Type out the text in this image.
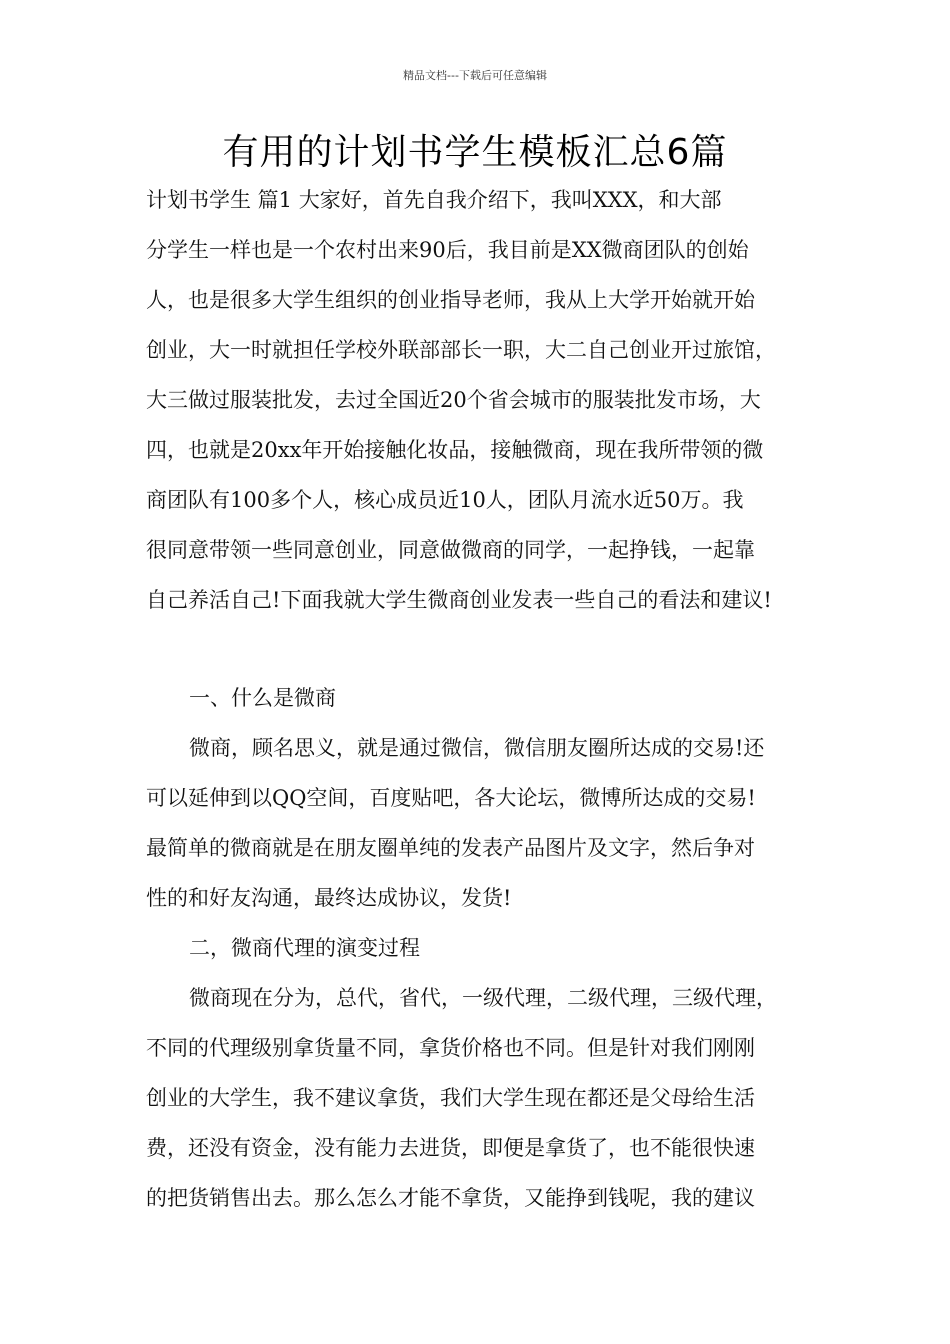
精品文档---下载后可任意编辑
有用的计划书学生模板汇总6篇
计划书学生 篇1 大家好，首先自我介绍下，我叫XXX，和大部
分学生一样也是一个农村出来90后，我目前是XX微商团队的创始
人，也是很多大学生组织的创业指导老师，我从上大学开始就开始
创业，大一时就担任学校外联部部长一职，大二自己创业开过旅馆，
大三做过服装批发，去过全国近20个省会城市的服装批发市场，大
四，也就是20xx年开始接触化妆品，接触微商，现在我所带领的微
商团队有100多个人，核心成员近10人，团队月流水近50万。我
很同意带领一些同意创业，同意做微商的同学，一起挣钱，一起靠
自己养活自己!下面我就大学生微商创业发表一些自己的看法和建议!
一、什么是微商
微商，顾名思义，就是通过微信，微信朋友圈所达成的交易!还
可以延伸到以QQ空间，百度贴吧，各大论坛，微博所达成的交易!
最简单的微商就是在朋友圈单纯的发表产品图片及文字，然后争对
性的和好友沟通，最终达成协议，发货!
二，微商代理的演变过程
微商现在分为，总代，省代，一级代理，二级代理，三级代理，
不同的代理级别拿货量不同，拿货价格也不同。但是针对我们刚刚
创业的大学生，我不建议拿货，我们大学生现在都还是父母给生活
费，还没有资金，没有能力去进货，即便是拿货了，也不能很快速
的把货销售出去。那么怎么才能不拿货，又能挣到钱呢，我的建议
